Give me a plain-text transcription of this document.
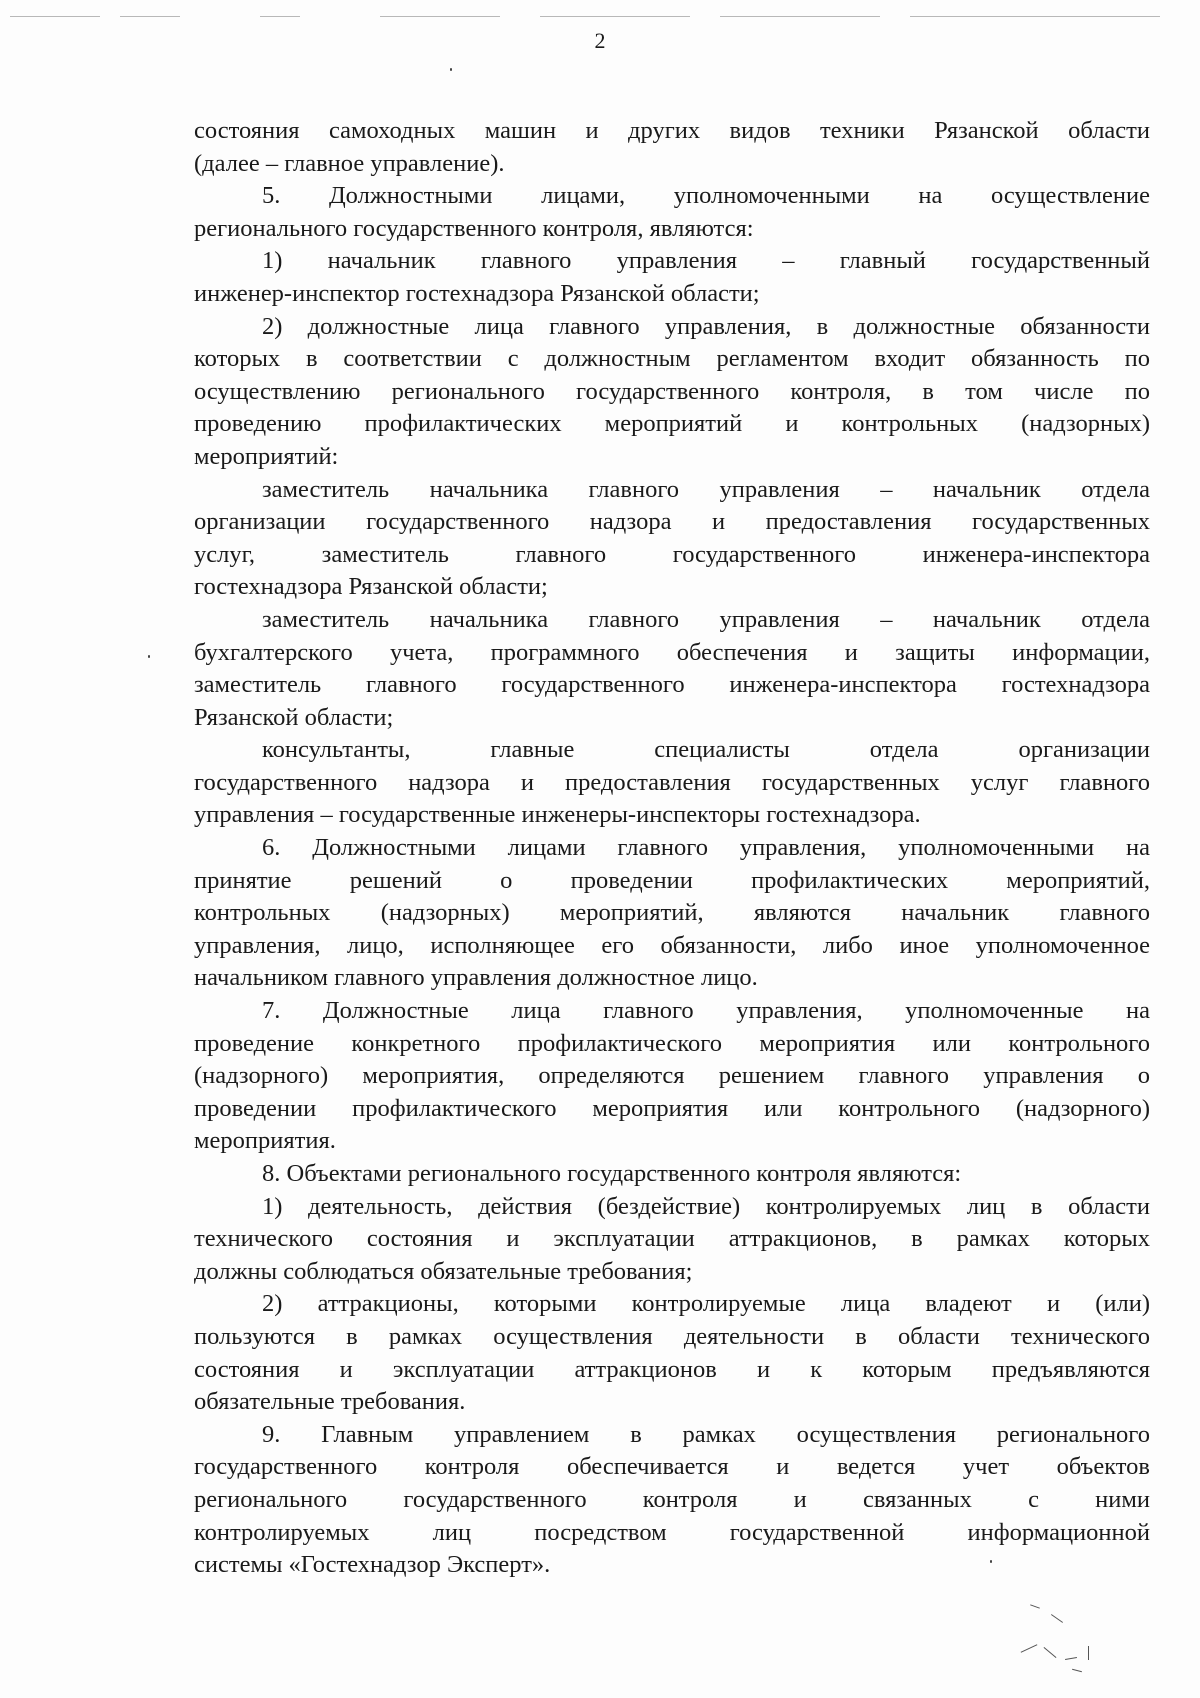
2

состояния самоходных машин и других видов техники Рязанской области
(далее – главное управление).

5. Должностными лицами, уполномоченными на осуществление
регионального государственного контроля, являются:

1) начальник главного управления – главный государственный
инженер-инспектор гостехнадзора Рязанской области;

2) должностные лица главного управления, в должностные обязанности
которых в соответствии с должностным регламентом входит обязанность по
осуществлению регионального государственного контроля, в том числе по
проведению профилактических мероприятий и контрольных (надзорных)
мероприятий:

заместитель начальника главного управления – начальник отдела
организации государственного надзора и предоставления государственных
услуг, заместитель главного государственного инженера-инспектора
гостехнадзора Рязанской области;

заместитель начальника главного управления – начальник отдела
бухгалтерского учета, программного обеспечения и защиты информации,
заместитель главного государственного инженера-инспектора гостехнадзора
Рязанской области;

консультанты, главные специалисты отдела организации
государственного надзора и предоставления государственных услуг главного
управления – государственные инженеры-инспекторы гостехнадзора.

6. Должностными лицами главного управления, уполномоченными на
принятие решений о проведении профилактических мероприятий,
контрольных (надзорных) мероприятий, являются начальник главного
управления, лицо, исполняющее его обязанности, либо иное уполномоченное
начальником главного управления должностное лицо.

7. Должностные лица главного управления, уполномоченные на
проведение конкретного профилактического мероприятия или контрольного
(надзорного) мероприятия, определяются решением главного управления о
проведении профилактического мероприятия или контрольного (надзорного)
мероприятия.

8. Объектами регионального государственного контроля являются:

1) деятельность, действия (бездействие) контролируемых лиц в области
технического состояния и эксплуатации аттракционов, в рамках которых
должны соблюдаться обязательные требования;

2) аттракционы, которыми контролируемые лица владеют и (или)
пользуются в рамках осуществления деятельности в области технического
состояния и эксплуатации аттракционов и к которым предъявляются
обязательные требования.

9. Главным управлением в рамках осуществления регионального
государственного контроля обеспечивается и ведется учет объектов
регионального государственного контроля и связанных с ними
контролируемых лиц посредством государственной информационной
системы «Гостехнадзор Эксперт».
